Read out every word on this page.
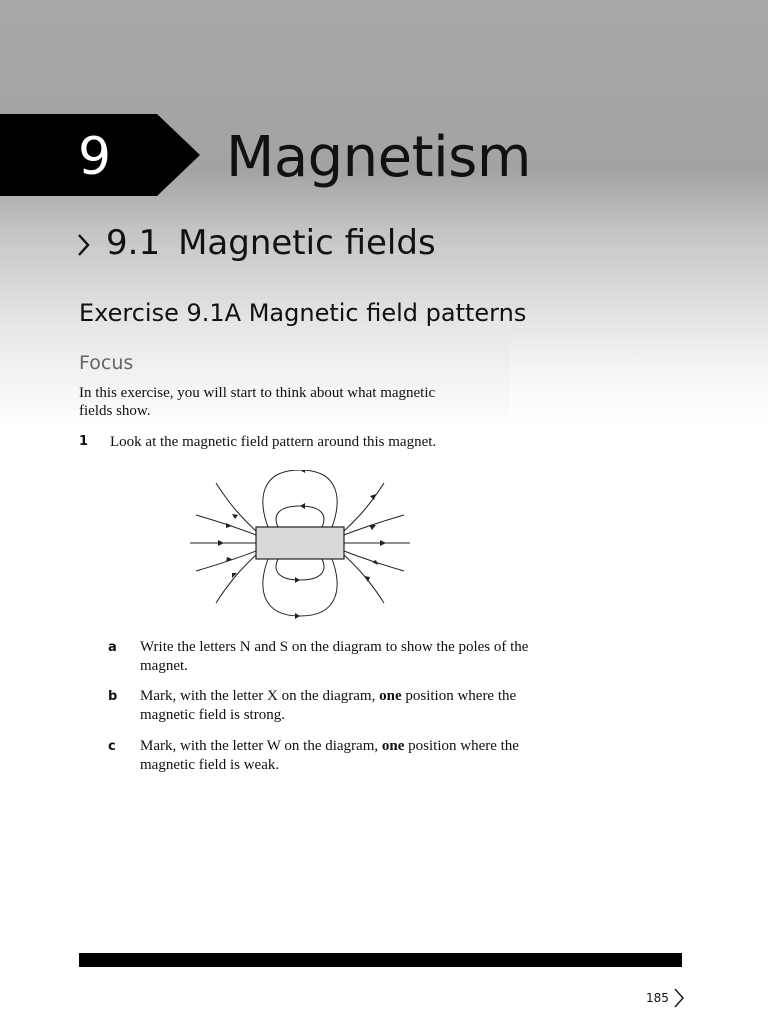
9	Magnetism
9.1 Magnetic fields
Exercise 9.1A Magnetic field patterns
Focus
In this exercise, you will start to think about what magnetic fields show.
1 Look at the magnetic field pattern around this magnet.
a Write the letters N and S on the diagram to show the poles of the magnet.
b Mark, with the letter X on the diagram, one position where the magnetic field is strong.
c Mark, with the letter W on the diagram, one position where the magnetic field is weak.
185
